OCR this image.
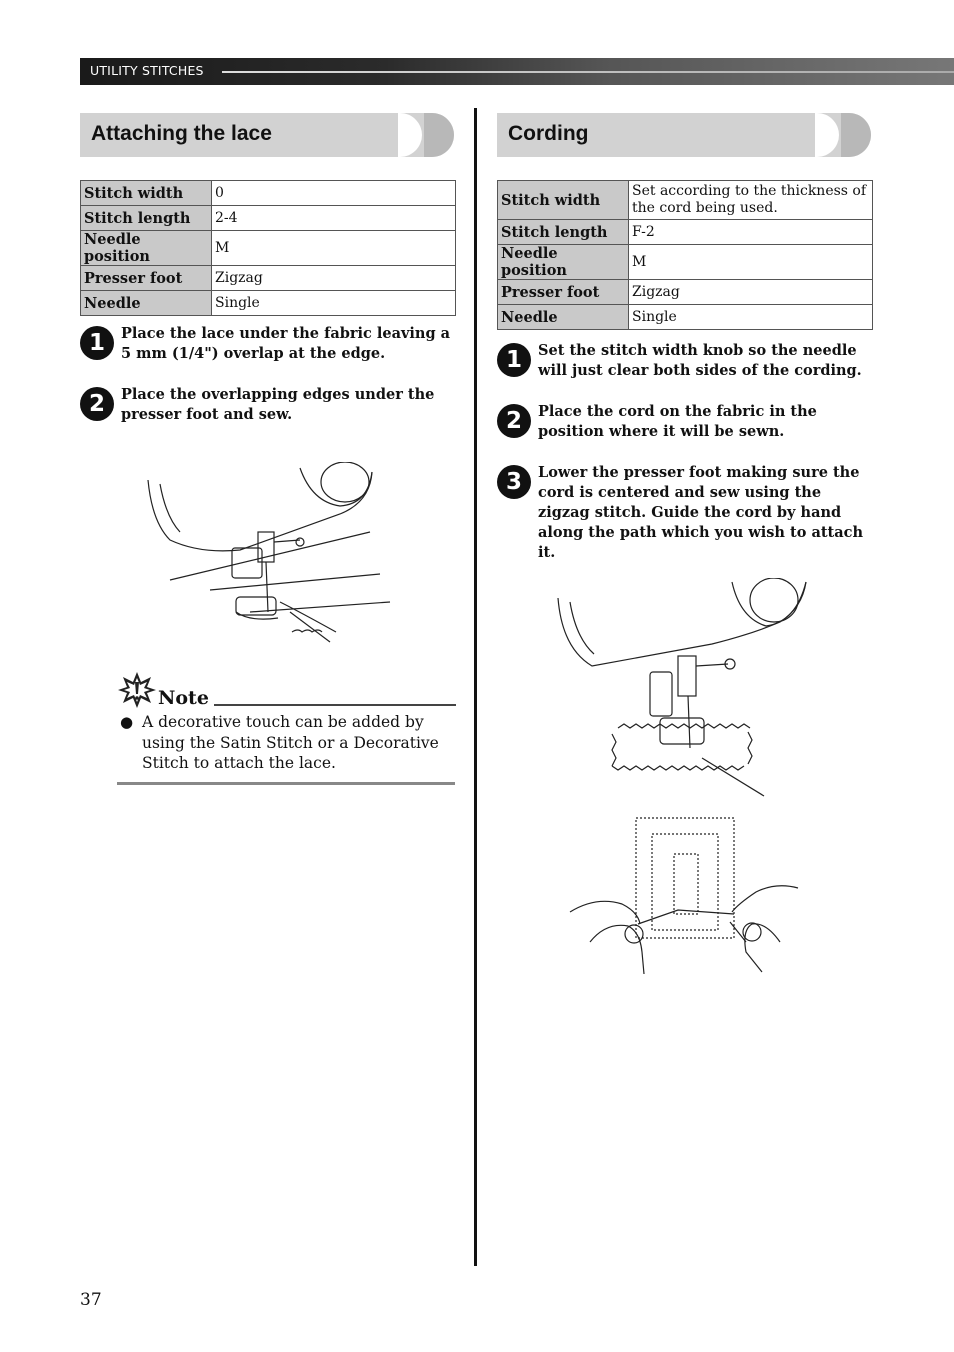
UTILITY STITCHES
Attaching the lace
Stitch width	0
Stitch length	2-4
Needle position	M
Presser foot	Zigzag
Needle	Single
1	Place the lace under the fabric leaving a 5 mm (1/4") overlap at the edge.
2	Place the overlapping edges under the presser foot and sew.
Note
● A decorative touch can be added by using the Satin Stitch or a Decorative Stitch to attach the lace.
Cording
Stitch width	Set according to the thickness of the cord being used.
Stitch length	F-2
Needle position	M
Presser foot	Zigzag
Needle	Single
1	Set the stitch width knob so the needle will just clear both sides of the cording.
2	Place the cord on the fabric in the position where it will be sewn.
3	Lower the presser foot making sure the cord is centered and sew using the zigzag stitch. Guide the cord by hand along the path which you wish to attach it.
37
